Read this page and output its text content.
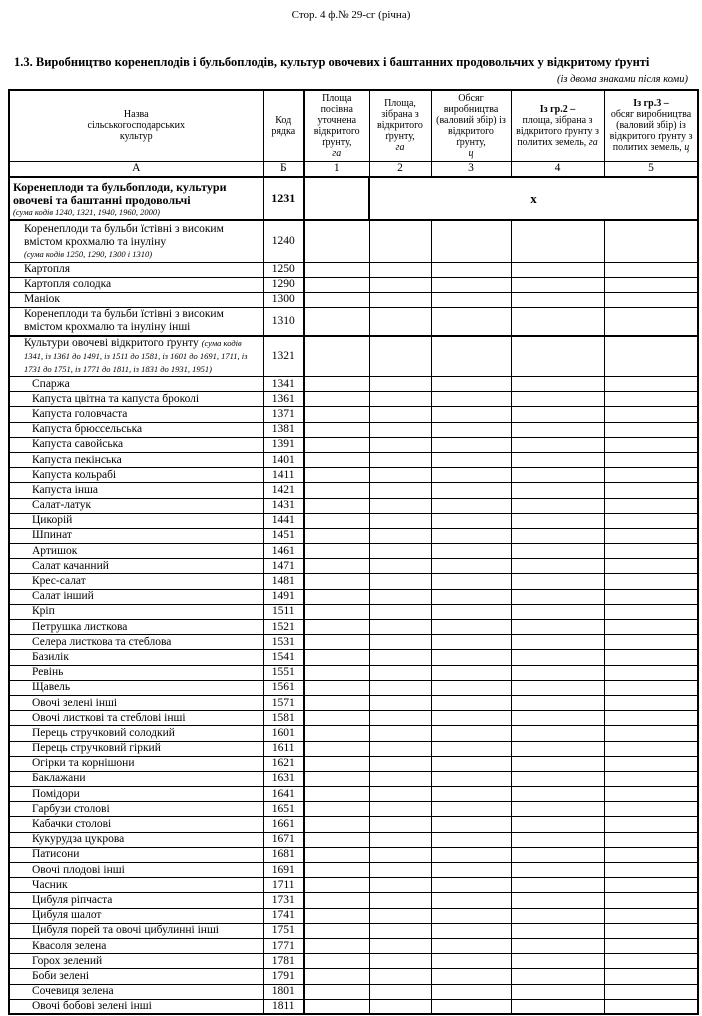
Стор. 4 ф.№ 29-сг (річна)
1.3. Виробництво коренеплодів і бульбоплодів, культур овочевих і баштанних продовольчих у відкритому ґрунті
(із двома знаками після коми)
Назва
сільськогосподарських
культур	Код рядка	Площа посівна уточнена відкритого ґрунту,
га	Площа, зібрана з відкритого ґрунту,
га	Обсяг виробництва (валовий збір) із відкритого ґрунту,
ц	Із гр.2 –
площа, зібрана з відкритого ґрунту з политих земель, га	Із гр.3 –
обсяг виробництва (валовий збір) із відкритого ґрунту з политих земель, ц
А	Б	1	2	3	4	5

Коренеплоди та бульбоплоди, культури овочеві та баштанні продовольчі
(сума кодів 1240, 1321, 1940, 1960, 2000)	1231		х			

Коренеплоди та бульби їстівні з високим вмістом крохмалю та інуліну
(сума кодів 1250, 1290, 1300 і 1310)	1240					
Картопля	1250					
Картопля солодка	1290					
Маніок	1300					
Коренеплоди та бульби їстівні з високим вмістом крохмалю та інуліну інші	1310					
Культури овочеві відкритого ґрунту (сума кодів 1341, із 1361 до 1491, із 1511 до 1581, із 1601 до 1691, 1711, із 1731 до 1751, із 1771 до 1811, із 1831 до 1931, 1951)	1321					
Спаржа	1341					
Капуста цвітна та капуста броколі	1361					
Капуста головчаста	1371					
Капуста брюссельська	1381					
Капуста савойська	1391					
Капуста пекінська	1401					
Капуста кольрабі	1411					
Капуста інша	1421					
Салат-латук	1431					
Цикорій	1441					
Шпинат	1451					
Артишок	1461					
Салат качанний	1471					
Крес-салат	1481					
Салат інший	1491					
Кріп	1511					
Петрушка листкова	1521					
Селера листкова та стеблова	1531					
Базилік	1541					
Ревінь	1551					
Щавель	1561					
Овочі зелені інші	1571					
Овочі листкові та стеблові інші	1581					
Перець стручковий солодкий	1601					
Перець стручковий гіркий	1611					
Огірки та корнішони	1621					
Баклажани	1631					
Помідори	1641					
Гарбузи столові	1651					
Кабачки столові	1661					
Кукурудза цукрова	1671					
Патисони	1681					
Овочі плодові інші	1691					
Часник	1711					
Цибуля ріпчаста	1731					
Цибуля шалот	1741					
Цибуля порей та овочі цибулинні інші	1751					
Квасоля зелена	1771					
Горох зелений	1781					
Боби зелені	1791					
Сочевиця зелена	1801					
Овочі бобові зелені інші	1811					
